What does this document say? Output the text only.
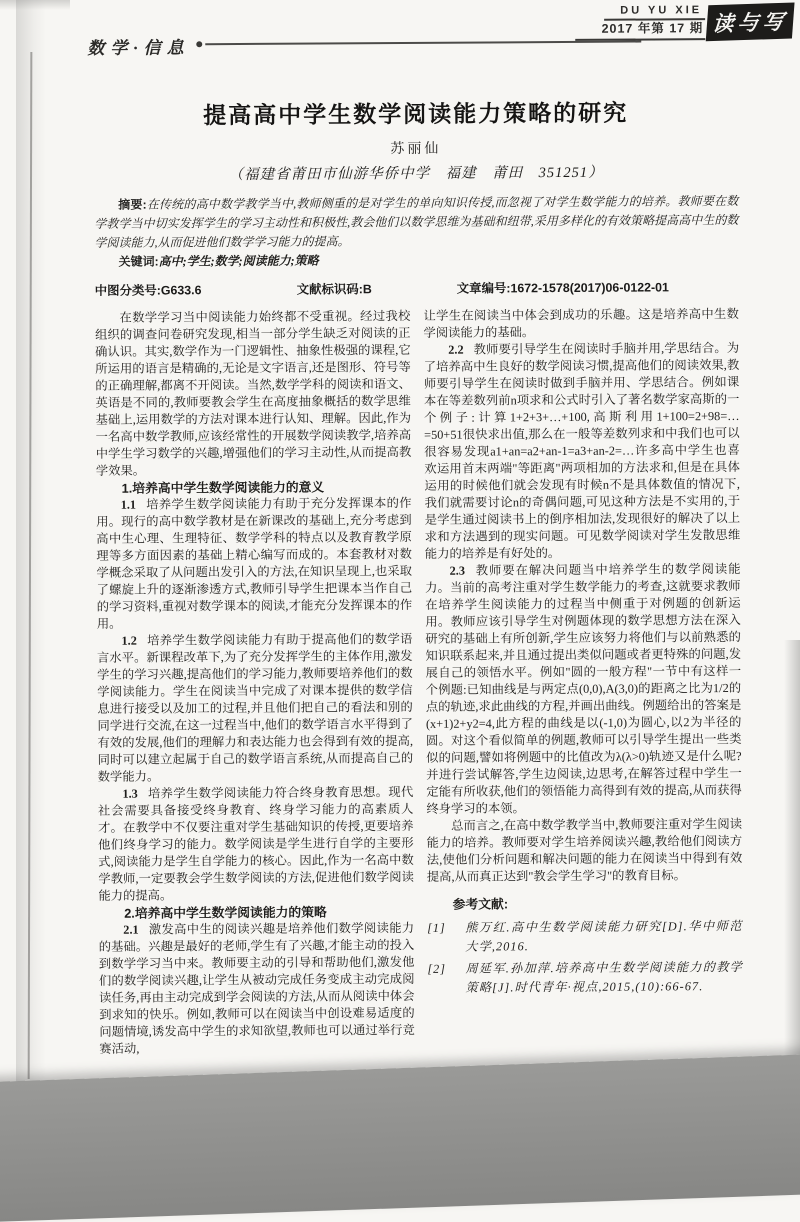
数学·信息
DU YU XIE
2017 年第 17 期 读与写
提高高中学生数学阅读能力策略的研究
苏丽仙
（福建省莆田市仙游华侨中学　福建　莆田　351251）

摘要:在传统的高中数学教学当中,教师侧重的是对学生的单向知识传授,而忽视了对学生数学能力的培养。教师要在数学教学当中切实发挥学生的学习主动性和积极性,教会他们以数学思维为基础和纽带,采用多样化的有效策略提高高中生的数学阅读能力,从而促进他们数学学习能力的提高。

关键词:高中;学生;数学;阅读能力;策略

中图分类号:G633.6	文献标识码:B	文章编号:1672-1578(2017)06-0122-01

在数学学习当中阅读能力始终都不受重视。经过我校组织的调查问卷研究发现,相当一部分学生缺乏对阅读的正确认识。其实,数学作为一门逻辑性、抽象性极强的课程,它所运用的语言是精确的,无论是文字语言,还是图形、符号等的正确理解,都离不开阅读。当然,数学学科的阅读和语文、英语是不同的,教师要教会学生在高度抽象概括的数学思维基础上,运用数学的方法对课本进行认知、理解。因此,作为一名高中数学教师,应该经常性的开展数学阅读教学,培养高中学生学习数学的兴趣,增强他们的学习主动性,从而提高教学效果。

1.培养高中学生数学阅读能力的意义

1.1 培养学生数学阅读能力有助于充分发挥课本的作用。现行的高中数学教材是在新课改的基础上,充分考虑到高中生心理、生理特征、数学学科的特点以及教育教学原理等多方面因素的基础上精心编写而成的。本套教材对数学概念采取了从问题出发引入的方法,在知识呈现上,也采取了螺旋上升的逐渐渗透方式,教师引导学生把课本当作自己的学习资料,重视对数学课本的阅读,才能充分发挥课本的作用。

1.2 培养学生数学阅读能力有助于提高他们的数学语言水平。新课程改革下,为了充分发挥学生的主体作用,激发学生的学习兴趣,提高他们的学习能力,教师要培养他们的数学阅读能力。学生在阅读当中完成了对课本提供的数学信息进行接受以及加工的过程,并且他们把自己的看法和别的同学进行交流,在这一过程当中,他们的数学语言水平得到了有效的发展,他们的理解力和表达能力也会得到有效的提高,同时可以建立起属于自己的数学语言系统,从而提高自己的数学能力。

1.3 培养学生数学阅读能力符合终身教育思想。现代社会需要具备接受终身教育、终身学习能力的高素质人才。在教学中不仅要注重对学生基础知识的传授,更要培养他们终身学习的能力。数学阅读是学生进行自学的主要形式,阅读能力是学生自学能力的核心。因此,作为一名高中数学教师,一定要教会学生数学阅读的方法,促进他们数学阅读能力的提高。

2.培养高中学生数学阅读能力的策略

2.1 激发高中生的阅读兴趣是培养他们数学阅读能力的基础。兴趣是最好的老师,学生有了兴趣,才能主动的投入到数学学习当中来。教师要主动的引导和帮助他们,激发他们的数学阅读兴趣,让学生从被动完成任务变成主动完成阅读任务,再由主动完成到学会阅读的方法,从而从阅读中体会到求知的快乐。例如,教师可以在阅读当中创设难易适度的问题情境,诱发高中学生的求知欲望,教师也可以通过举行竞赛活动,

让学生在阅读当中体会到成功的乐趣。这是培养高中生数学阅读能力的基础。

2.2 教师要引导学生在阅读时手脑并用,学思结合。为了培养高中生良好的数学阅读习惯,提高他们的阅读效果,教师要引导学生在阅读时做到手脑并用、学思结合。例如课本在等差数列前n项求和公式时引入了著名数学家高斯的一个例子:计算1+2+3+…+100,高斯利用1+100=2+98=…=50+51很快求出值,那么在一般等差数列求和中我们也可以很容易发现a1+an=a2+an-1=a3+an-2=…许多高中学生也喜欢运用首末两端"等距离"两项相加的方法求和,但是在具体运用的时候他们就会发现有时候n不是具体数值的情况下,我们就需要讨论n的奇偶问题,可见这种方法是不实用的,于是学生通过阅读书上的倒序相加法,发现很好的解决了以上求和方法遇到的现实问题。可见数学阅读对学生发散思维能力的培养是有好处的。

2.3 教师要在解决问题当中培养学生的数学阅读能力。当前的高考注重对学生数学能力的考查,这就要求教师在培养学生阅读能力的过程当中侧重于对例题的创新运用。教师应该引导学生对例题体现的数学思想方法在深入研究的基础上有所创新,学生应该努力将他们与以前熟悉的知识联系起来,并且通过提出类似问题或者更特殊的问题,发展自己的领悟水平。例如"圆的一般方程"一节中有这样一个例题:已知曲线是与两定点(0,0),A(3,0)的距离之比为1/2的点的轨迹,求此曲线的方程,并画出曲线。例题给出的答案是(x+1)2+y2=4,此方程的曲线是以(-1,0)为圆心,以2为半径的圆。对这个看似简单的例题,教师可以引导学生提出一些类似的问题,譬如将例题中的比值改为λ(λ>0)轨迹又是什么呢?并进行尝试解答,学生边阅读,边思考,在解答过程中学生一定能有所收获,他们的领悟能力高得到有效的提高,从而获得终身学习的本领。

总而言之,在高中数学教学当中,教师要注重对学生阅读能力的培养。教师要对学生培养阅读兴趣,教给他们阅读方法,使他们分析问题和解决问题的能力在阅读当中得到有效提高,从而真正达到"教会学生学习"的教育目标。

参考文献:

[1]	熊万红.高中生数学阅读能力研究[D].华中师范大学,2016.
[2]	周延军.孙加萍.培养高中生数学阅读能力的教学策略[J].时代青年·视点,2015,(10):66-67.
